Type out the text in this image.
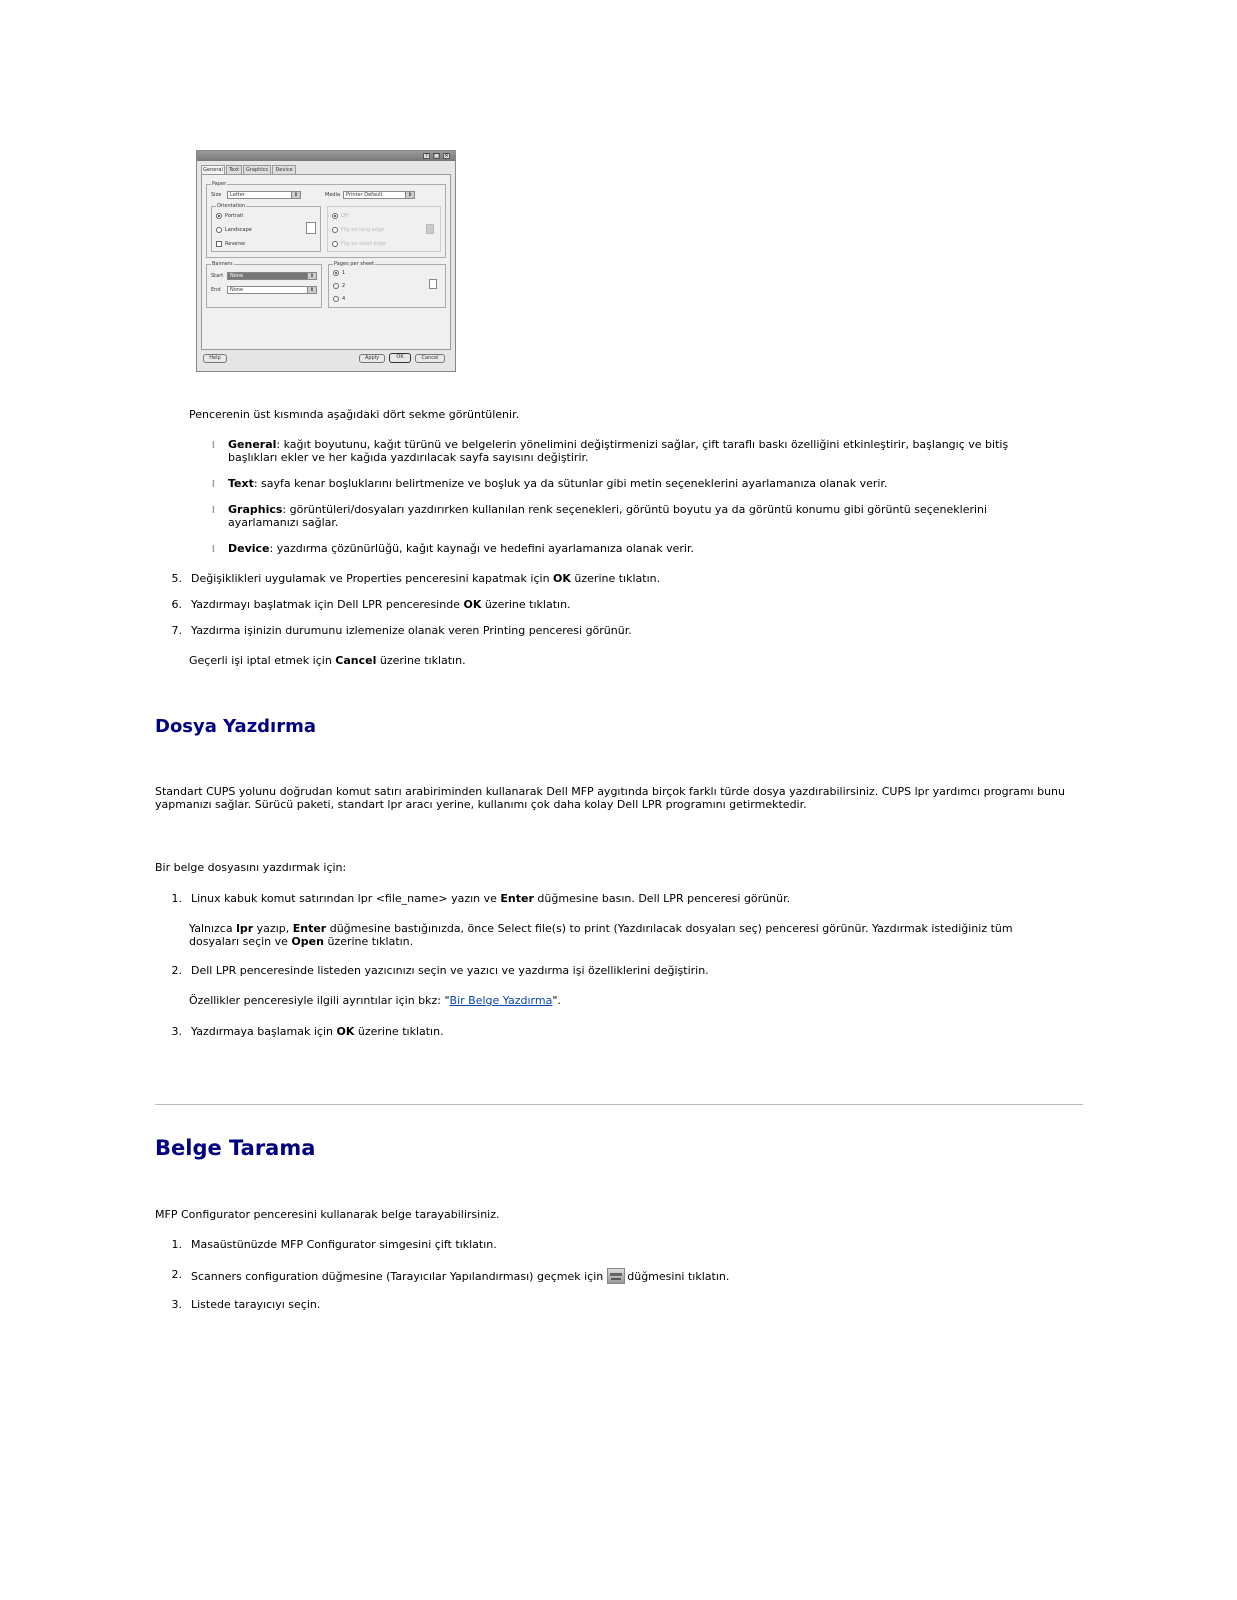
?	□ ×
General	Text	Graphics	Device
Paper
Size	Letter	⇕	Media	Printer Default	⇕
Orientation
Portrait
Landscape
Reverse
Off
Flip on long edge
Flip on short edge
Banners
Start	None	⇕
End	None	⇕
Pages per sheet
1
2
4
Help	Apply	OK	Cancel
Pencerenin üst kısmında aşağıdaki dört sekme görüntülenir.
l General: kağıt boyutunu, kağıt türünü ve belgelerin yönelimini değiştirmenizi sağlar, çift taraflı baskı özelliğini etkinleştirir, başlangıç ve bitiş başlıkları ekler ve her kağıda yazdırılacak sayfa sayısını değiştirir.
l Text: sayfa kenar boşluklarını belirtmenize ve boşluk ya da sütunlar gibi metin seçeneklerini ayarlamanıza olanak verir.
l Graphics: görüntüleri/dosyaları yazdırırken kullanılan renk seçenekleri, görüntü boyutu ya da görüntü konumu gibi görüntü seçeneklerini ayarlamanızı sağlar.
l Device: yazdırma çözünürlüğü, kağıt kaynağı ve hedefini ayarlamanıza olanak verir.
5. Değişiklikleri uygulamak ve Properties penceresini kapatmak için OK üzerine tıklatın.
6. Yazdırmayı başlatmak için Dell LPR penceresinde OK üzerine tıklatın.
7. Yazdırma işinizin durumunu izlemenize olanak veren Printing penceresi görünür.
Geçerli işi iptal etmek için Cancel üzerine tıklatın.
Dosya Yazdırma
Standart CUPS yolunu doğrudan komut satırı arabiriminden kullanarak Dell MFP aygıtında birçok farklı türde dosya yazdırabilirsiniz. CUPS lpr yardımcı programı bunu yapmanızı sağlar. Sürücü paketi, standart lpr aracı yerine, kullanımı çok daha kolay Dell LPR programını getirmektedir.
Bir belge dosyasını yazdırmak için:
1. Linux kabuk komut satırından lpr <file_name> yazın ve Enter düğmesine basın. Dell LPR penceresi görünür.
Yalnızca lpr yazıp, Enter düğmesine bastığınızda, önce Select file(s) to print (Yazdırılacak dosyaları seç) penceresi görünür. Yazdırmak istediğiniz tüm dosyaları seçin ve Open üzerine tıklatın.
2. Dell LPR penceresinde listeden yazıcınızı seçin ve yazıcı ve yazdırma işi özelliklerini değiştirin.
Özellikler penceresiyle ilgili ayrıntılar için bkz: "Bir Belge Yazdırma".
3. Yazdırmaya başlamak için OK üzerine tıklatın.
Belge Tarama
MFP Configurator penceresini kullanarak belge tarayabilirsiniz.
1. Masaüstünüzde MFP Configurator simgesini çift tıklatın.
2. Scanners configuration düğmesine (Tarayıcılar Yapılandırması) geçmek için düğmesini tıklatın.
3. Listede tarayıcıyı seçin.
